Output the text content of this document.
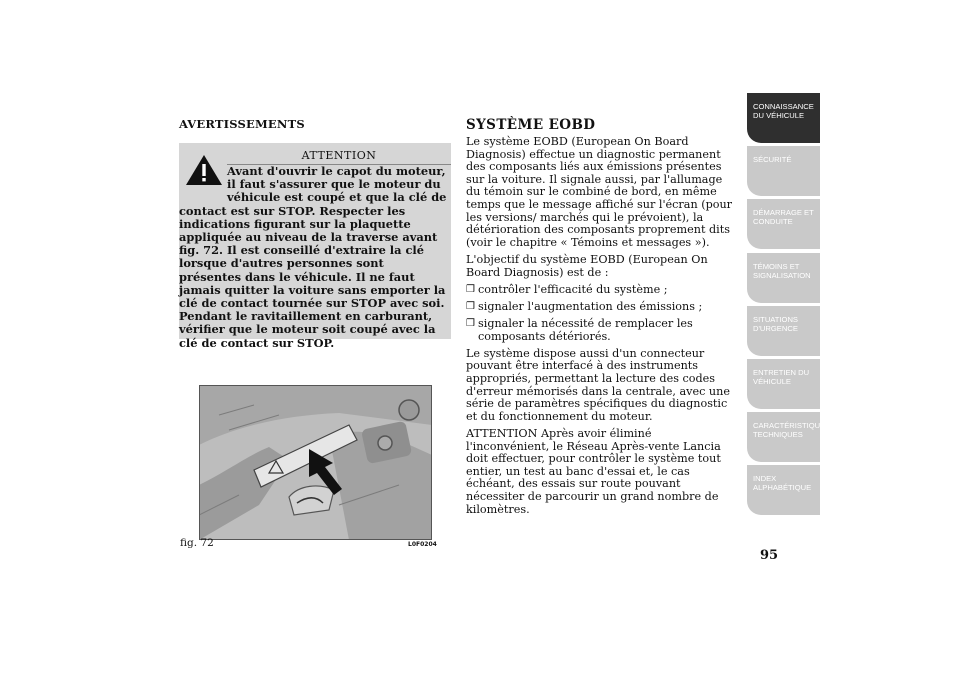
AVERTISSEMENTS
ATTENTION
Avant d'ouvrir le capot du moteur, il faut s'assurer que le moteur du véhicule est coupé et que la clé de contact est sur STOP. Respecter les indications figurant sur la plaquette appliquée au niveau de la traverse avant fig. 72. Il est conseillé d'extraire la clé lorsque d'autres personnes sont présentes dans le véhicule. Il ne faut jamais quitter la voiture sans emporter la clé de contact tournée sur STOP avec soi. Pendant le ravitaillement en carburant, vérifier que le moteur soit coupé avec la clé de contact sur STOP.
fig. 72	L0F0204
SYSTÈME EOBD

Le système EOBD (European On Board Diagnosis) effectue un diagnostic permanent des composants liés aux émissions présentes sur la voiture. Il signale aussi, par l'allumage du témoin sur le combiné de bord, en même temps que le message affiché sur l'écran (pour les versions/ marchés qui le prévoient), la détérioration des composants proprement dits (voir le chapitre « Témoins et messages »).

L'objectif du système EOBD (European On Board Diagnosis) est de :

❒ contrôler l'efficacité du système ;
❒ signaler l'augmentation des émissions ;
❒ signaler la nécessité de remplacer les composants détériorés.

Le système dispose aussi d'un connecteur pouvant être interfacé à des instruments appropriés, permettant la lecture des codes d'erreur mémorisés dans la centrale, avec une série de paramètres spécifiques du diagnostic et du fonctionnement du moteur.

ATTENTION Après avoir éliminé l'inconvénient, le Réseau Après-vente Lancia doit effectuer, pour contrôler le système tout entier, un test au banc d'essai et, le cas échéant, des essais sur route pouvant nécessiter de parcourir un grand nombre de kilomètres.

CONNAISSANCE DU VÉHICULE
SÉCURITÉ
DÉMARRAGE ET CONDUITE
TÉMOINS ET SIGNALISATION
SITUATIONS D'URGENCE
ENTRETIEN DU VÉHICULE
CARACTÉRISTIQUES TECHNIQUES
INDEX ALPHABÉTIQUE
95
